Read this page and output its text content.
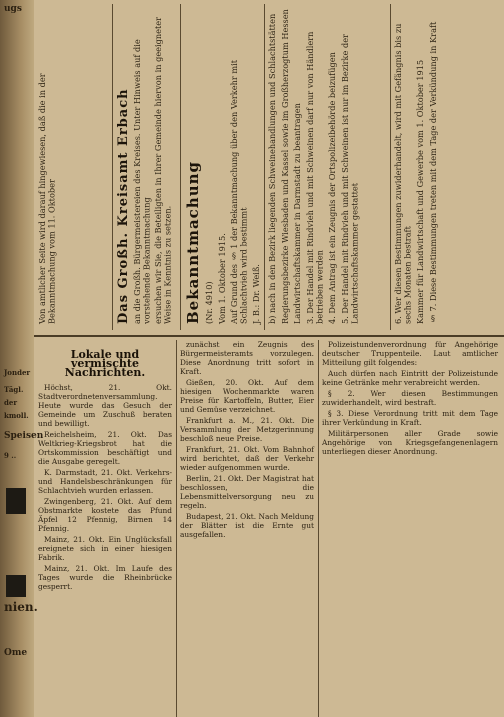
ugs
Jonder
Tägl.
der
kmoll.
Speisen
9 ..
nien.
Ome
Von amtlicher Seite wird darauf hingewiesen, daß die in der Bekanntmachung vom 11. Oktober	Das Großh. Kreisamt Erbach an die Großh. Bürgermeistereien des Kreises. Unter Hinweis auf die vorstehende Bekanntmachung ersuchen wir Sie, die Beteiligten in Ihrer Gemeinde hiervon in geeigneter Weise in Kenntnis zu setzen. Bekanntmachung (Nr. 4910) Vom 1. Oktober 1915. Auf Grund des § 1 der Bekanntmachung über den Verkehr mit Schlachtvieh wird bestimmt J. B.: Dr. Weiß. b) nach in den Bezirk liegenden Schweinehandlungen und Schlachtstätten Regierungsbezirke Wiesbaden und Kassel sowie im Großherzogtum Hessen Landwirtschaftskammer in Darmstadt zu beantragen 3. Der Handel mit Rindvieh und mit Schweinen darf nur von Händlern betrieben werden 4. Dem Antrag ist ein Zeugnis der Ortspolizeibehörde beizufügen 5. Der Handel mit Rindvieh und mit Schweinen ist nur im Bezirke der Landwirtschaftskammer gestattet	6. Wer diesen Bestimmungen zuwiderhandelt, wird mit Gefängnis bis zu sechs Monaten bestraft Kammer für Landwirtschaft und Gewerbe vom 1. Oktober 1915 § 7. Diese Bestimmungen treten mit dem Tage der Verkündung in Kraft
Lokale und vermischte Nachrichten.

Höchst, 21. Okt. Stadtverordnetenversammlung. Heute wurde das Gesuch der Gemeinde um Zuschuß beraten und bewilligt.

Reichelsheim, 21. Okt. Das Weltkrieg-Kriegsbrot hat die Ortskommission beschäftigt und die Ausgabe geregelt.

K. Darmstadt, 21. Okt. Verkehrs- und Handelsbeschränkungen für Schlachtvieh wurden erlassen.

Zwingenberg, 21. Okt. Auf dem Obstmarkte kostete das Pfund Äpfel 12 Pfennig, Birnen 14 Pfennig.

Mainz, 21. Okt. Ein Unglücksfall ereignete sich in einer hiesigen Fabrik.

Mainz, 21. Okt. Im Laufe des Tages wurde die Rheinbrücke gesperrt.

zunächst ein Zeugnis des Bürgermeisteramts vorzulegen. Diese Anordnung tritt sofort in Kraft.

Gießen, 20. Okt. Auf dem hiesigen Wochenmarkte waren Preise für Kartoffeln, Butter, Eier und Gemüse verzeichnet.

Frankfurt a. M., 21. Okt. Die Versammlung der Metzgerinnung beschloß neue Preise.

Frankfurt, 21. Okt. Vom Bahnhof wird berichtet, daß der Verkehr wieder aufgenommen wurde.

Berlin, 21. Okt. Der Magistrat hat beschlossen, die Lebensmittelversorgung neu zu regeln.

Budapest, 21. Okt. Nach Meldung der Blätter ist die Ernte gut ausgefallen.

Polizeistundenverordnung für Angehörige deutscher Truppenteile. Laut amtlicher Mitteilung gilt folgendes:

Auch dürfen nach Eintritt der Polizeistunde keine Getränke mehr verabreicht werden.

§ 2. Wer diesen Bestimmungen zuwiderhandelt, wird bestraft.

§ 3. Diese Verordnung tritt mit dem Tage ihrer Verkündung in Kraft.

Militärpersonen aller Grade sowie Angehörige von Kriegsgefangenenlagern unterliegen dieser Anordnung.
